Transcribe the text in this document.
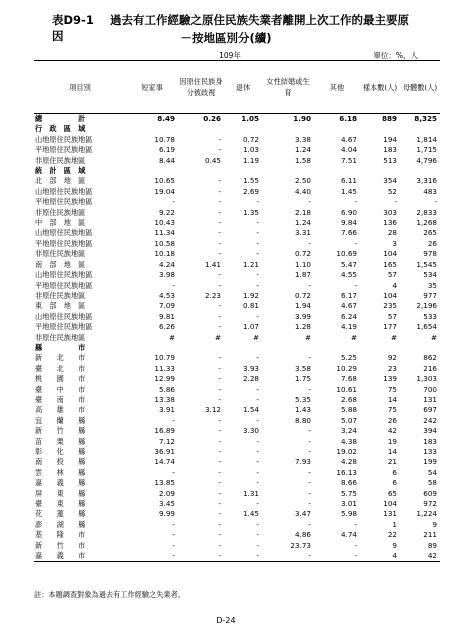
表D9-1 過去有工作經驗之原住民族失業者離開上次工作的最主要原因	－按地區別分(續)
109年	單位：%，人
項目別	短家事	因原住民族身分被歧視	退休	女性結婚或生育	其他	樣本數(人)	母體數(人)
總　　　　　計	8.49	0.26	1.05	1.90	6.18	889	8,325
行　政　區　域							
山地原住民族地區	10.78	-	0.72	3.38	4.67	194	1,814
平地原住民族地區	6.19	-	1.03	1.24	4.04	183	1,715
非原住民族地區	8.44	0.45	1.19	1.58	7.51	513	4,796
統　計　區　域							
北　部　地　區	10.65	-	1.55	2.50	6.11	354	3,316
山地原住民族地區	19.04	-	2.69	4.40	1.45	52	483
平地原住民族地區	-	-	-	-	-	-	-
非原住民族地區	9.22	-	1.35	2.18	6.90	303	2,833
中　部　地　區	10.43	-	-	1.24	9.84	136	1,268
山地原住民族地區	11.34	-	-	3.31	7.66	28	265
平地原住民族地區	10.58	-	-	-	-	3	26
非原住民族地區	10.18	-	-	0.72	10.69	104	978
南　部　地　區	4.24	1.41	1.21	1.10	5.47	165	1,545
山地原住民族地區	3.98	-	-	1.87	4.55	57	534
平地原住民族地區	-	-	-	-	-	4	35
非原住民族地區	4.53	2.23	1.92	0.72	6.17	104	977
東　部　地　區	7.09	-	0.81	1.94	4.67	235	2,196
山地原住民族地區	9.81	-	-	3.99	6.24	57	533
平地原住民族地區	6.26	-	1.07	1.28	4.19	177	1,654
非原住民族地區	#	#	#	#	#	#	#
縣　　　　　市							
新　　北　　市	10.79	-	-	-	5.25	92	862
臺　　北　　市	11.33	-	3.93	3.58	10.29	23	216
桃　　園　　市	12.99	-	2.28	1.75	7.68	139	1,303
臺　　中　　市	5.86	-	-	-	10.61	75	700
臺　　南　　市	13.38	-	-	5.35	2.68	14	131
高　　雄　　市	3.91	3.12	1.54	1.43	5.88	75	697
宜　　蘭　　縣	-	-	-	8.80	5.07	26	242
新　　竹　　縣	16.89	-	3.30	-	3.24	42	394
苗　　栗　　縣	7.12	-	-	-	4.38	19	183
彰　　化　　縣	36.91	-	-	-	19.02	14	133
南　　投　　縣	14.74	-	-	7.93	4.28	21	199
雲　　林　　縣	-	-	-	-	16.13	6	54
嘉　　義　　縣	13.85	-	-	-	8.66	6	58
屏　　東　　縣	2.09	-	1.31	-	5.75	65	609
臺　　東　　縣	3.45	-	-	-	3.01	104	972
花　　蓮　　縣	9.99	-	1.45	3.47	5.98	131	1,224
澎　　湖　　縣	-	-	-	-	-	1	9
基　　隆　　市	-	-	-	4.86	4.74	22	211
新　　竹　　市	-	-	-	23.73	-	9	89
嘉　　義　　市	-	-	-	-	-	4	42
註：本題調查對象為過去有工作經驗之失業者。
D-24
